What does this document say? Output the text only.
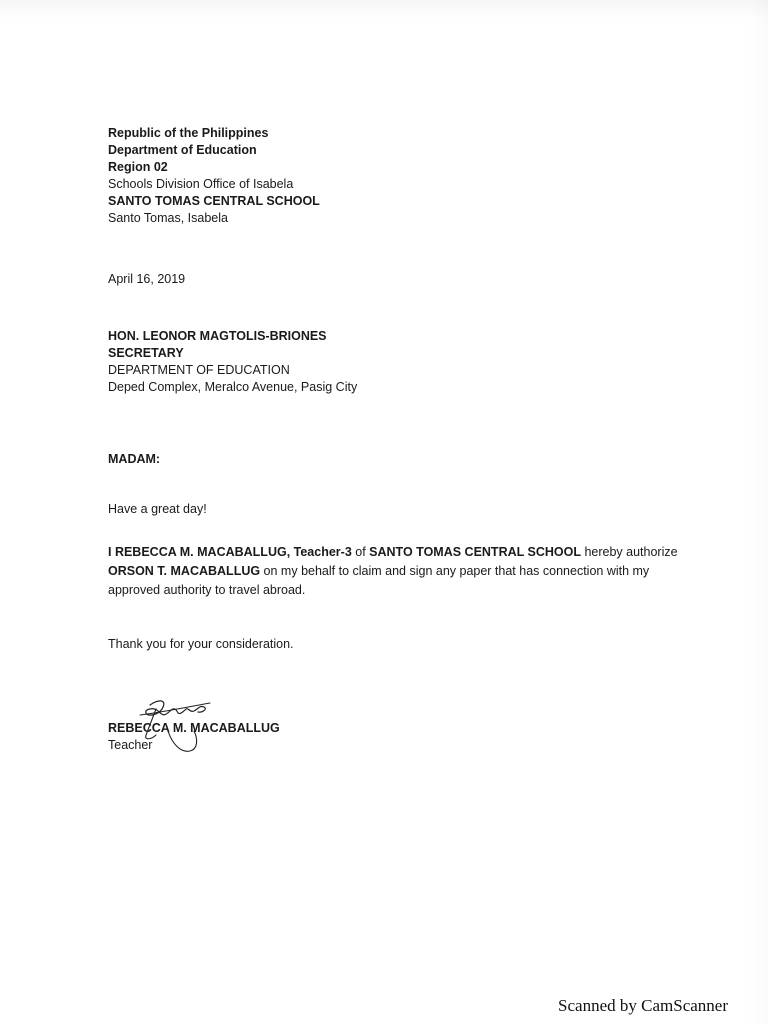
Republic of the Philippines
Department of Education
Region 02
Schools Division Office of Isabela
SANTO TOMAS CENTRAL SCHOOL
Santo Tomas, Isabela
April 16, 2019
HON. LEONOR MAGTOLIS-BRIONES
SECRETARY
DEPARTMENT OF EDUCATION
Deped Complex, Meralco Avenue, Pasig City
MADAM:
Have a great day!
I REBECCA M. MACABALLUG, Teacher-3 of SANTO TOMAS CENTRAL SCHOOL hereby authorize ORSON T. MACABALLUG on my behalf to claim and sign any paper that has connection with my approved authority to travel abroad.
Thank you for your consideration.
REBECCA M. MACABALLUG
Teacher
Scanned by CamScanner
